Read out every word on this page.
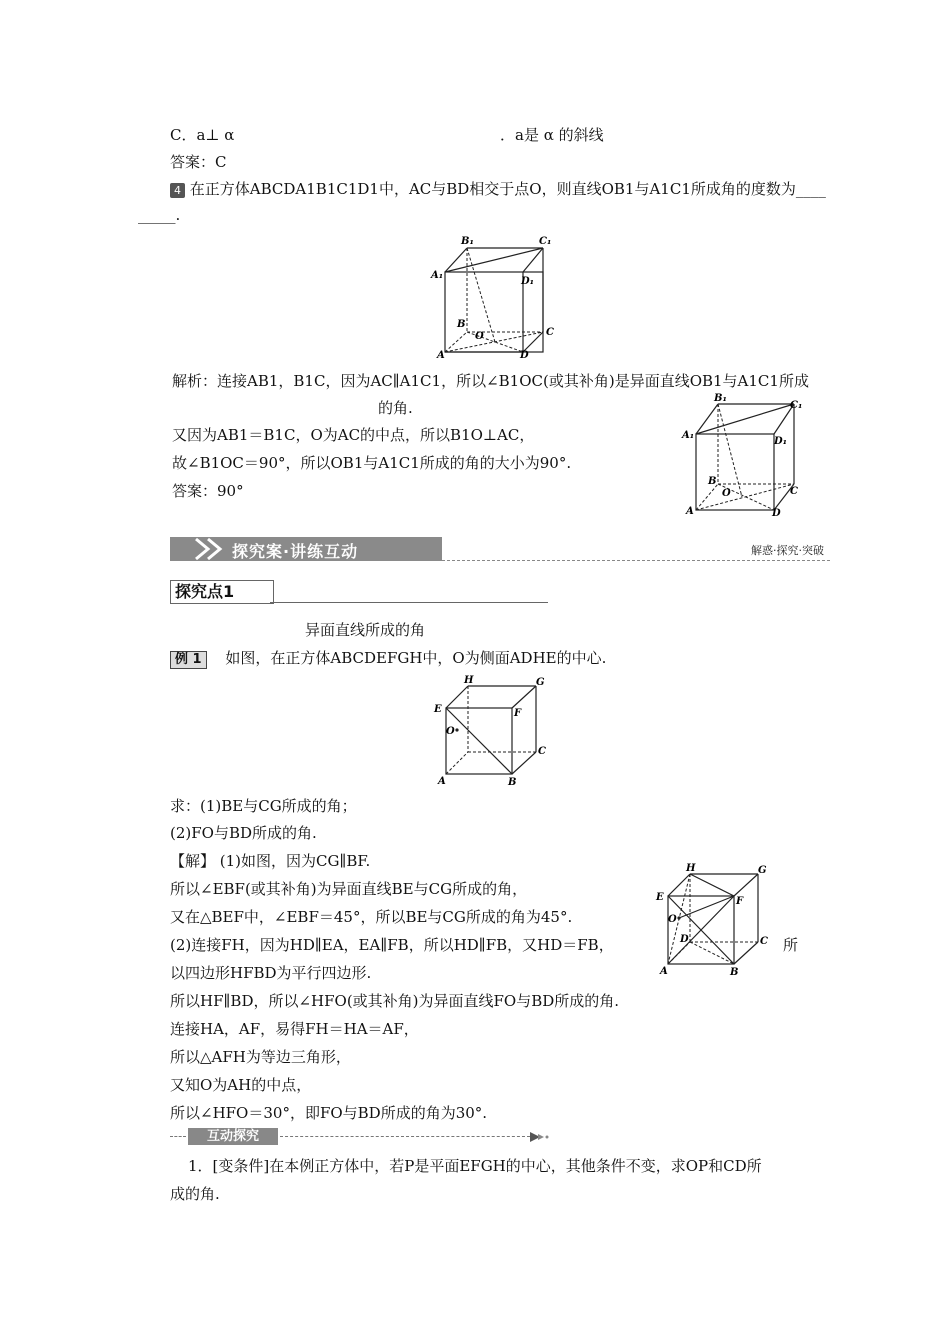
C．a⊥ α	．a是 α 的斜线
答案：C
4 在正方体ABCDA1B1C1D1中，AC与BD相交于点O，则直线OB1与A1C1所成角的度数为____
_____.
B₁	C₁
A₁
D₁
B
O	C
A	D
解析：连接AB1，B1C，因为AC∥A1C1，所以∠B1OC(或其补角)是异面直线OB1与A1C1所成
的角.
又因为AB1＝B1C，O为AC的中点，所以B1O⊥AC，
故∠B1OC＝90°，所以OB1与A1C1所成的角的大小为90°.
答案：90°
B₁
C₁
A₁
D₁
B
O	C
A	D
探究案·讲练互动	解惑·探究·突破
探究点1
异面直线所成的角
例 1 如图，在正方体ABCDEFGH中，O为侧面ADHE的中心.
H	G
E	F
O
C
A	B
求：(1)BE与CG所成的角；
(2)FO与BD所成的角.
【解】 (1)如图，因为CG∥BF.
所以∠EBF(或其补角)为异面直线BE与CG所成的角，
又在△BEF中，∠EBF＝45°，所以BE与CG所成的角为45°.
(2)连接FH，因为HD∥EA，EA∥FB，所以HD∥FB，又HD＝FB，	所
以四边形HFBD为平行四边形.
所以HF∥BD，所以∠HFO(或其补角)为异面直线FO与BD所成的角.
连接HA，AF，易得FH＝HA＝AF，
所以△AFH为等边三角形，
又知O为AH的中点，
所以∠HFO＝30°，即FO与BD所成的角为30°.
H	G
E	F
O
D	C
A	B
互动探究
1．[变条件]在本例正方体中，若P是平面EFGH的中心，其他条件不变，求OP和CD所
成的角.
